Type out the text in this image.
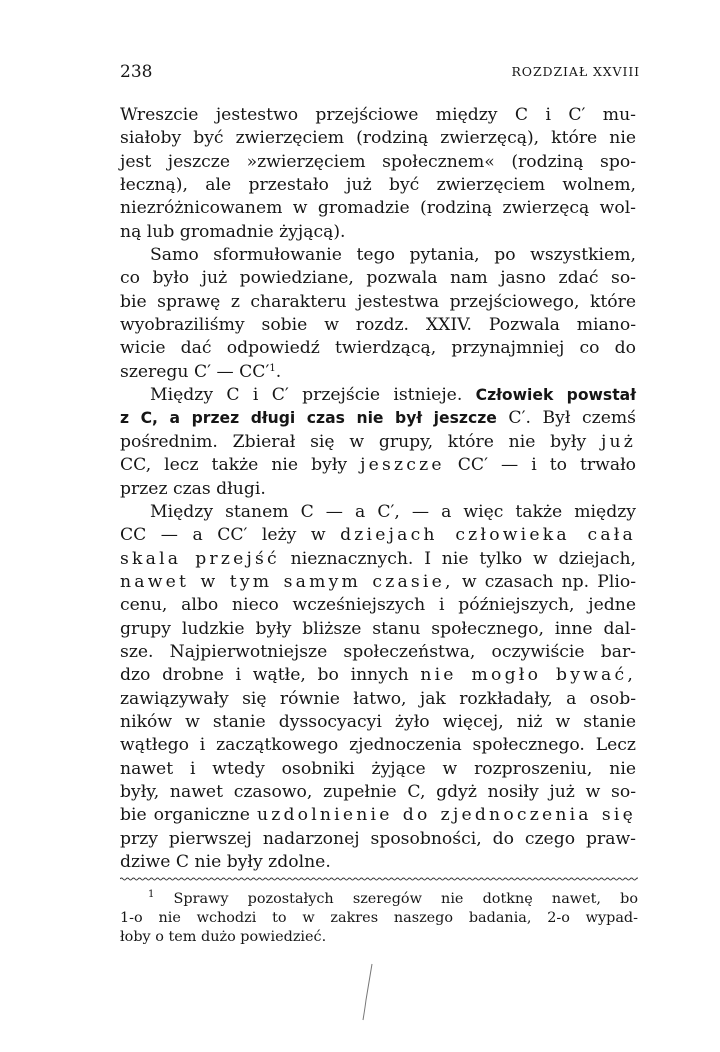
238	ROZDZIAŁ XXVIII
Wreszcie jestestwo przejściowe między C i C′ mu-
siałoby być zwierzęciem (rodziną zwierzęcą), które nie
jest jeszcze »zwierzęciem społecznem« (rodziną spo-
łeczną), ale przestało już być zwierzęciem wolnem,
niezróżnicowanem w gromadzie (rodziną zwierzęcą wol-
ną lub gromadnie żyjącą).
Samo sformułowanie tego pytania, po wszystkiem,
co było już powiedziane, pozwala nam jasno zdać so-
bie sprawę z charakteru jestestwa przejściowego, które
wyobraziliśmy sobie w rozdz. XXIV. Pozwala miano-
wicie dać odpowiedź twierdzącą, przynajmniej co do
szeregu C′ — $CC'^1$.
Między C i C′ przejście istnieje. Człowiek powstał
z C, a przez długi czas nie był jeszcze C′. Był czemś
pośrednim. Zbierał się w grupy, które nie były już
CC, lecz także nie były jeszcze CC′ — i to trwało
przez czas długi.
Między stanem C — a C′, — a więc także między
CC — a CC′ leży w dziejach człowieka cała
skala przejść nieznacznych. I nie tylko w dziejach,
nawet w tym samym czasie, w czasach np. Plio-
cenu, albo nieco wcześniejszych i późniejszych, jedne
grupy ludzkie były bliższe stanu społecznego, inne dal-
sze. Najpierwotniejsze społeczeństwa, oczywiście bar-
dzo drobne i wątłe, bo innych nie mogło bywać,
zawiązywały się równie łatwo, jak rozkładały, a osob-
ników w stanie dyssocyacyi żyło więcej, niż w stanie
wątłego i zaczątkowego zjednoczenia społecznego. Lecz
nawet i wtedy osobniki żyjące w rozproszeniu, nie
były, nawet czasowo, zupełnie C, gdyż nosiły już w so-
bie organiczne uzdolnienie do zjednoczenia się
przy pierwszej nadarzonej sposobności, do czego praw-
dziwe C nie były zdolne.
$^1$ Sprawy pozostałych szeregów nie dotknę nawet, bo
1-o nie wchodzi to w zakres naszego badania, 2-o wypad-
łoby o tem dużo powiedzieć.
